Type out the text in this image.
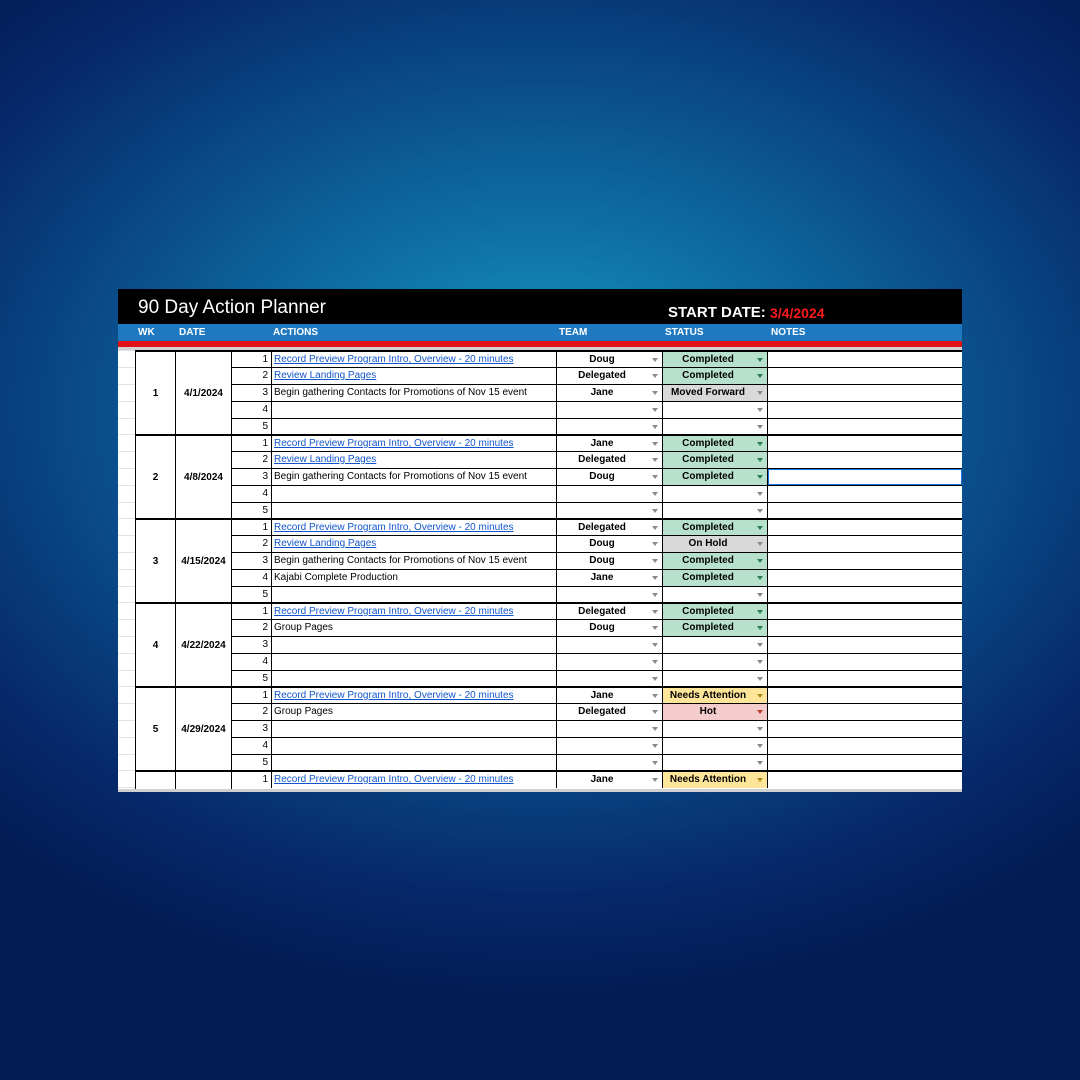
90 Day Action Planner	START DATE: 3/4/2024
WK DATE	ACTIONS	TEAM	STATUS	NOTES
1	4/1/2024
1 Record Preview Program Intro, Overview - 20 minutes	Doug	Completed
2 Review Landing Pages	Delegated	Completed
3 Begin gathering Contacts for Promotions of Nov 15 event	Jane	Moved Forward
4
5
2	4/8/2024
1 Record Preview Program Intro, Overview - 20 minutes	Jane	Completed
2 Review Landing Pages	Delegated	Completed
3 Begin gathering Contacts for Promotions of Nov 15 event	Doug	Completed
4
5
3	4/15/2024
1 Record Preview Program Intro, Overview - 20 minutes	Delegated	Completed
2 Review Landing Pages	Doug	On Hold
3 Begin gathering Contacts for Promotions of Nov 15 event	Doug	Completed
4 Kajabi Complete Production	Jane	Completed
5
4	4/22/2024
1 Record Preview Program Intro, Overview - 20 minutes	Delegated	Completed
2 Group Pages	Doug	Completed
3
4
5
5	4/29/2024
1 Record Preview Program Intro, Overview - 20 minutes	Jane	Needs Attention
2 Group Pages	Delegated	Hot
3
4
5
1 Record Preview Program Intro, Overview - 20 minutes	Jane	Needs Attention
